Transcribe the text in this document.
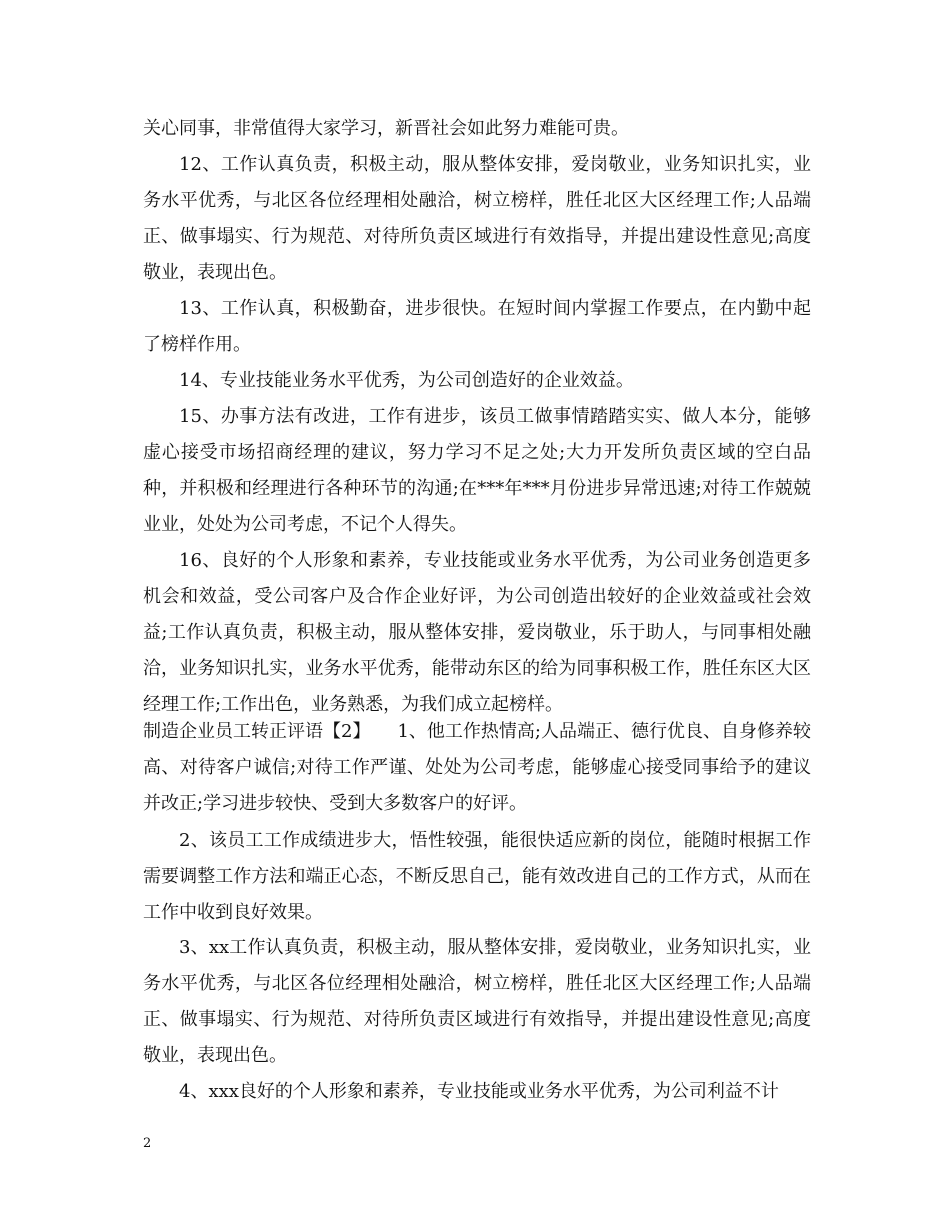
关心同事，非常值得大家学习，新晋社会如此努力难能可贵。

12、工作认真负责，积极主动，服从整体安排，爱岗敬业，业务知识扎实，业务水平优秀，与北区各位经理相处融洽，树立榜样，胜任北区大区经理工作;人品端正、做事塌实、行为规范、对待所负责区域进行有效指导，并提出建设性意见;高度敬业，表现出色。

13、工作认真，积极勤奋，进步很快。在短时间内掌握工作要点，在内勤中起了榜样作用。

14、专业技能业务水平优秀，为公司创造好的企业效益。

15、办事方法有改进，工作有进步，该员工做事情踏踏实实、做人本分，能够虚心接受市场招商经理的建议，努力学习不足之处;大力开发所负责区域的空白品种，并积极和经理进行各种环节的沟通;在***年***月份进步异常迅速;对待工作兢兢业业，处处为公司考虑，不记个人得失。

16、良好的个人形象和素养，专业技能或业务水平优秀，为公司业务创造更多机会和效益，受公司客户及合作企业好评，为公司创造出较好的企业效益或社会效益;工作认真负责，积极主动，服从整体安排，爱岗敬业，乐于助人，与同事相处融洽，业务知识扎实，业务水平优秀，能带动东区的给为同事积极工作，胜任东区大区经理工作;工作出色，业务熟悉，为我们成立起榜样。

制造企业员工转正评语【2】　　1、他工作热情高;人品端正、德行优良、自身修养较高、对待客户诚信;对待工作严谨、处处为公司考虑，能够虚心接受同事给予的建议并改正;学习进步较快、受到大多数客户的好评。

2、该员工工作成绩进步大，悟性较强，能很快适应新的岗位，能随时根据工作需要调整工作方法和端正心态，不断反思自己，能有效改进自己的工作方式，从而在工作中收到良好效果。

3、xx工作认真负责，积极主动，服从整体安排，爱岗敬业，业务知识扎实，业务水平优秀，与北区各位经理相处融洽，树立榜样，胜任北区大区经理工作;人品端正、做事塌实、行为规范、对待所负责区域进行有效指导，并提出建设性意见;高度敬业，表现出色。

4、xxx良好的个人形象和素养，专业技能或业务水平优秀，为公司利益不计

2
